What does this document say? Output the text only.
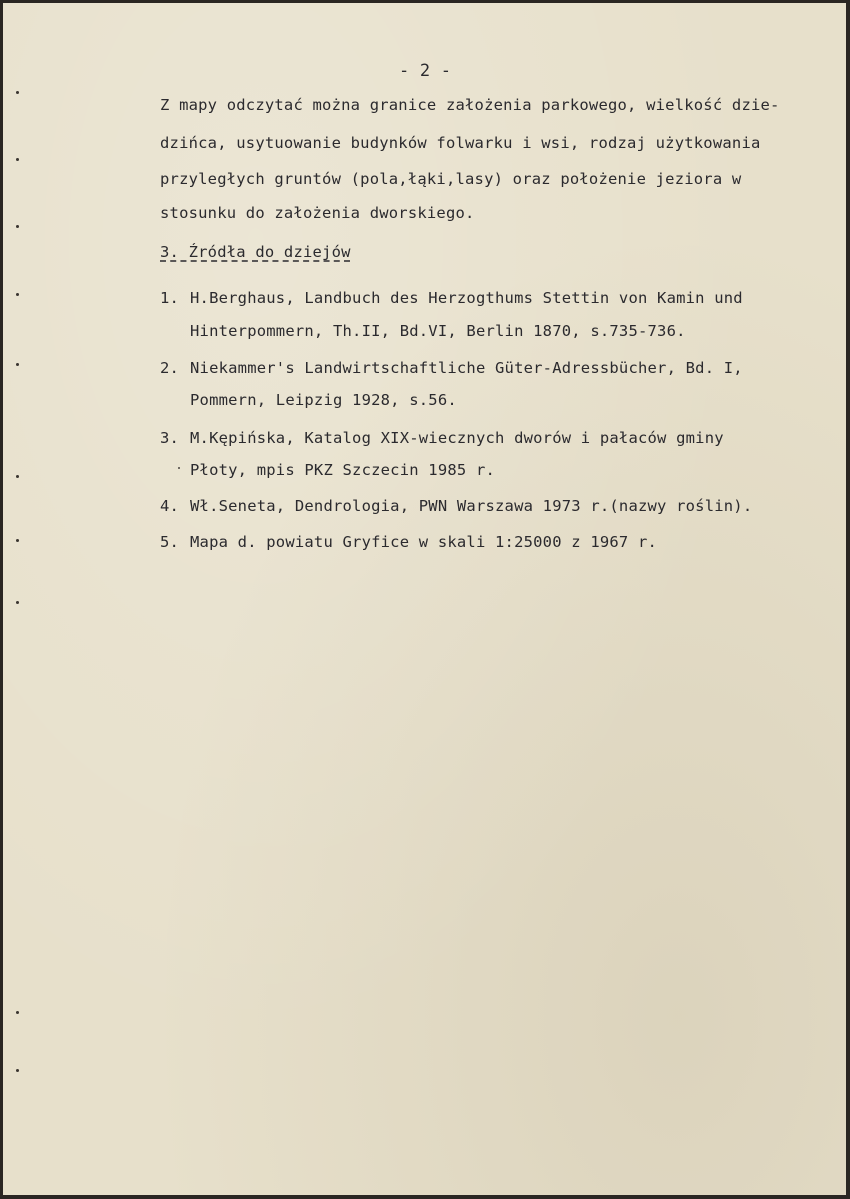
- 2 -
Z mapy odczytać można granice założenia parkowego, wielkość dzie-
dzińca, usytuowanie budynków folwarku i wsi, rodzaj użytkowania
przyległych gruntów (pola,łąki,lasy) oraz położenie jeziora w
stosunku do założenia dworskiego.
3. Źródła do dziejów
1. H.Berghaus, Landbuch des Herzogthums Stettin von Kamin und
Hinterpommern, Th.II, Bd.VI, Berlin 1870, s.735-736.
2. Niekammer's Landwirtschaftliche Güter-Adressbücher, Bd. I,
Pommern, Leipzig 1928, s.56.
3. M.Kępińska, Katalog XIX-wiecznych dworów i pałaców gminy
Płoty, mpis PKZ Szczecin 1985 r.
4. Wł.Seneta, Dendrologia, PWN Warszawa 1973 r.(nazwy roślin).
5. Mapa d. powiatu Gryfice w skali 1:25000 z 1967 r.
